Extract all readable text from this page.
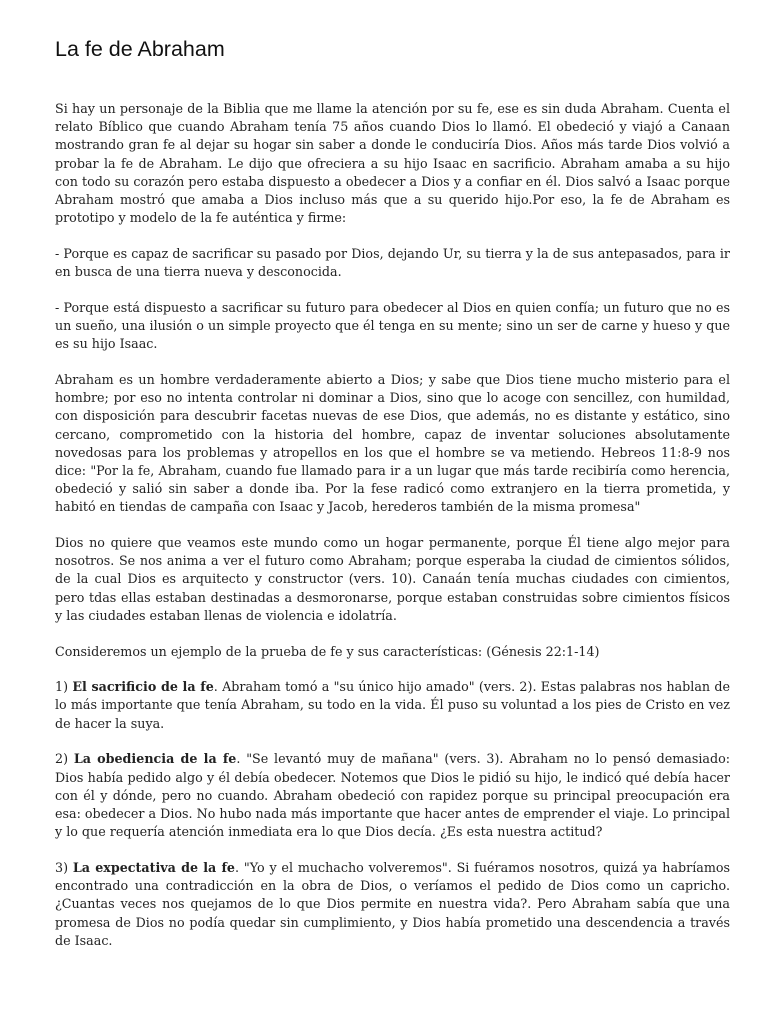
La fe de Abraham

Si hay un personaje de la Biblia que me llame la atención por su fe, ese es sin duda Abraham. Cuenta el relato Bíblico que cuando Abraham tenía 75 años cuando Dios lo llamó. El obedeció y viajó a Canaan mostrando gran fe al dejar su hogar sin saber a donde le conduciría Dios. Años más tarde Dios volvió a probar la fe de Abraham. Le dijo que ofreciera a su hijo Isaac en sacrificio. Abraham amaba a su hijo con todo su corazón pero estaba dispuesto a obedecer a Dios y a confiar en él. Dios salvó a Isaac porque Abraham mostró que amaba a Dios incluso más que a su querido hijo.Por eso, la fe de Abraham es prototipo y modelo de la fe auténtica y firme:

- Porque es capaz de sacrificar su pasado por Dios, dejando Ur, su tierra y la de sus antepasados, para ir en busca de una tierra nueva y desconocida.

- Porque está dispuesto a sacrificar su futuro para obedecer al Dios en quien confía; un futuro que no es un sueño, una ilusión o un simple proyecto que él tenga en su mente; sino un ser de carne y hueso y que es su hijo Isaac.

Abraham es un hombre verdaderamente abierto a Dios; y sabe que Dios tiene mucho misterio para el hombre; por eso no intenta controlar ni dominar a Dios, sino que lo acoge con sencillez, con humildad, con disposición para descubrir facetas nuevas de ese Dios, que además, no es distante y estático, sino cercano, comprometido con la historia del hombre, capaz de inventar soluciones absolutamente novedosas para los problemas y atropellos en los que el hombre se va metiendo. Hebreos 11:8-9 nos dice: "Por la fe, Abraham, cuando fue llamado para ir a un lugar que más tarde recibiría como herencia, obedeció y salió sin saber a donde iba. Por la fese radicó como extranjero en la tierra prometida, y habitó en tiendas de campaña con Isaac y Jacob, herederos también de la misma promesa"

Dios no quiere que veamos este mundo como un hogar permanente, porque Él tiene algo mejor para nosotros. Se nos anima a ver el futuro como Abraham; porque esperaba la ciudad de cimientos sólidos, de la cual Dios es arquitecto y constructor (vers. 10). Canaán tenía muchas ciudades con cimientos, pero tdas ellas estaban destinadas a desmoronarse, porque estaban construidas sobre cimientos físicos y las ciudades estaban llenas de violencia e idolatría.

Consideremos un ejemplo de la prueba de fe y sus características: (Génesis 22:1-14)

1) El sacrificio de la fe. Abraham tomó a "su único hijo amado" (vers. 2). Estas palabras nos hablan de lo más importante que tenía Abraham, su todo en la vida. Él puso su voluntad a los pies de Cristo en vez de hacer la suya.

2) La obediencia de la fe. "Se levantó muy de mañana" (vers. 3). Abraham no lo pensó demasiado: Dios había pedido algo y él debía obedecer. Notemos que Dios le pidió su hijo, le indicó qué debía hacer con él y dónde, pero no cuando. Abraham obedeció con rapidez porque su principal preocupación era esa: obedecer a Dios. No hubo nada más importante que hacer antes de emprender el viaje. Lo principal y lo que requería atención inmediata era lo que Dios decía. ¿Es esta nuestra actitud?

3) La expectativa de la fe. "Yo y el muchacho volveremos". Si fuéramos nosotros, quizá ya habríamos encontrado una contradicción en la obra de Dios, o veríamos el pedido de Dios como un capricho. ¿Cuantas veces nos quejamos de lo que Dios permite en nuestra vida?. Pero Abraham sabía que una promesa de Dios no podía quedar sin cumplimiento, y Dios había prometido una descendencia a través de Isaac.
